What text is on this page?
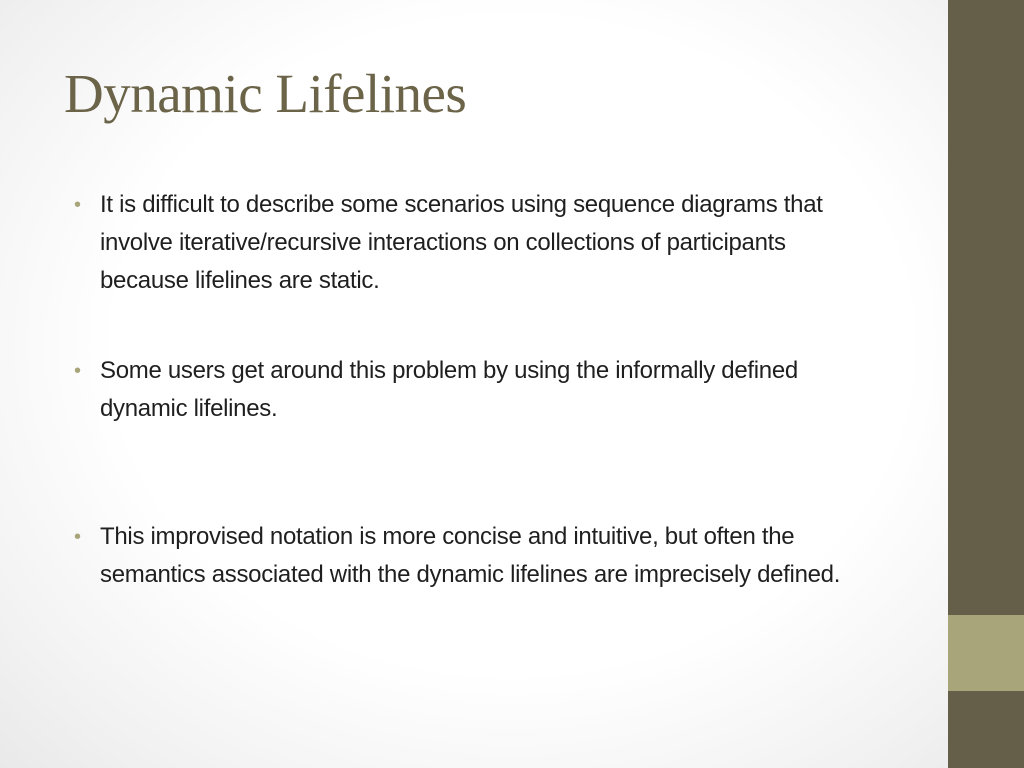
Dynamic Lifelines
• It is difficult to describe some scenarios using sequence diagrams that involve iterative/recursive interactions on collections of participants because lifelines are static.
• Some users get around this problem by using the informally defined dynamic lifelines.
• This improvised notation is more concise and intuitive, but often the semantics associated with the dynamic lifelines are imprecisely defined.
